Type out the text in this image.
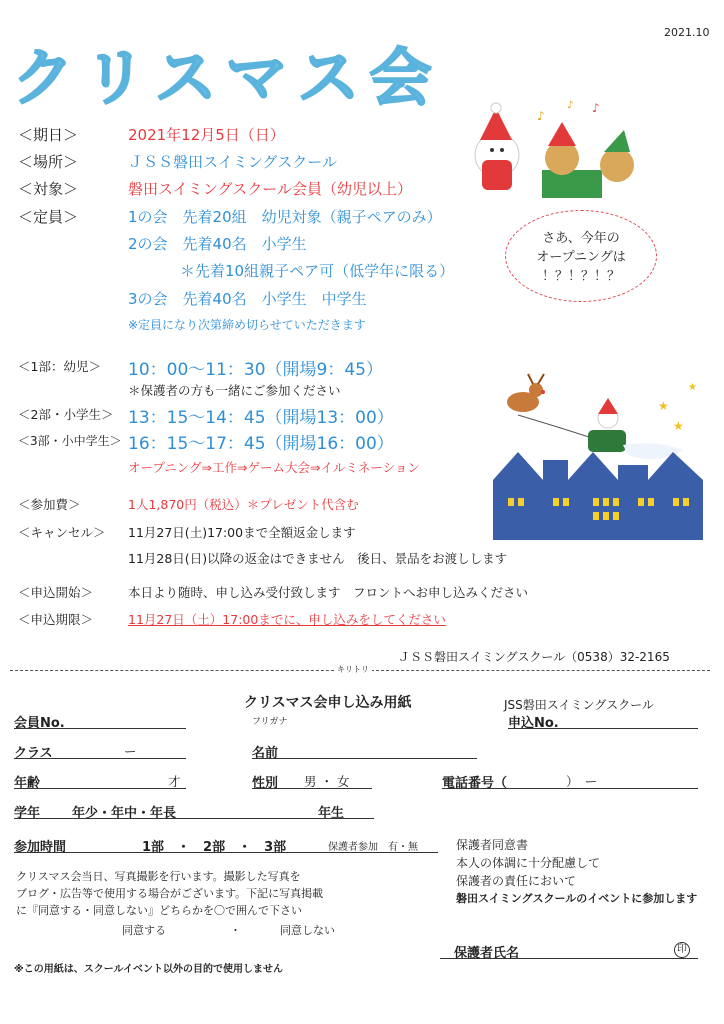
2021.10
クリスマス会
＜期日＞	2021年12月5日（日）
＜場所＞	ＪＳＳ磐田スイミングスクール
＜対象＞	磐田スイミングスクール会員（幼児以上）
＜定員＞	1の会　先着20組　幼児対象（親子ペアのみ）
2の会　先着40名　小学生
＊先着10組親子ペア可（低学年に限る）
3の会　先着40名　小学生　中学生
※定員になり次第締め切らせていただきます
♪
♪
♪
さあ、今年の
オープニングは
！？！？！？
＜1部：幼児＞ 10：00〜11：30（開場9：45）
＊保護者の方も一緒にご参加ください
＜2部・小学生＞ 13：15〜14：45（開場13：00）
＜3部・小中学生＞ 16：15〜17：45（開場16：00）
オープニング⇒工作⇒ゲーム大会⇒イルミネーション
★
★
★
＜参加費＞	1人1,870円（税込）＊プレゼント代含む
＜キャンセル＞ 11月27日(土)17:00まで全額返金します
11月28日(日)以降の返金はできません　後日、景品をお渡しします
＜申込開始＞	本日より随時、申し込み受付致します　フロントへお申し込みください
＜申込期限＞	11月27日（土）17:00までに、申し込みをしてください
ＪＳＳ磐田スイミングスクール（0538）32-2165
キリトリ
クリスマス会申し込み用紙	JSS磐田スイミングスクール
会員No.	フリガナ	申込No.
クラス	ー	名前
年齢	才	性別 男 ・ 女	電話番号（	）　ー
学年 年少・年中・年長	年生
参加時間	1部　・　2部　・　3部	保護者参加　有・無	保護者同意書
本人の体調に十分配慮して
保護者の責任において
磐田スイミングスクールのイベントに参加します
クリスマス会当日、写真撮影を行います。撮影した写真を
ブログ・広告等で使用する場合がございます。下記に写真掲載
に『同意する・同意しない』どちらかを〇で囲んで下さい
同意する	・	同意しない
保護者氏名	印
※この用紙は、スクールイベント以外の目的で使用しません
